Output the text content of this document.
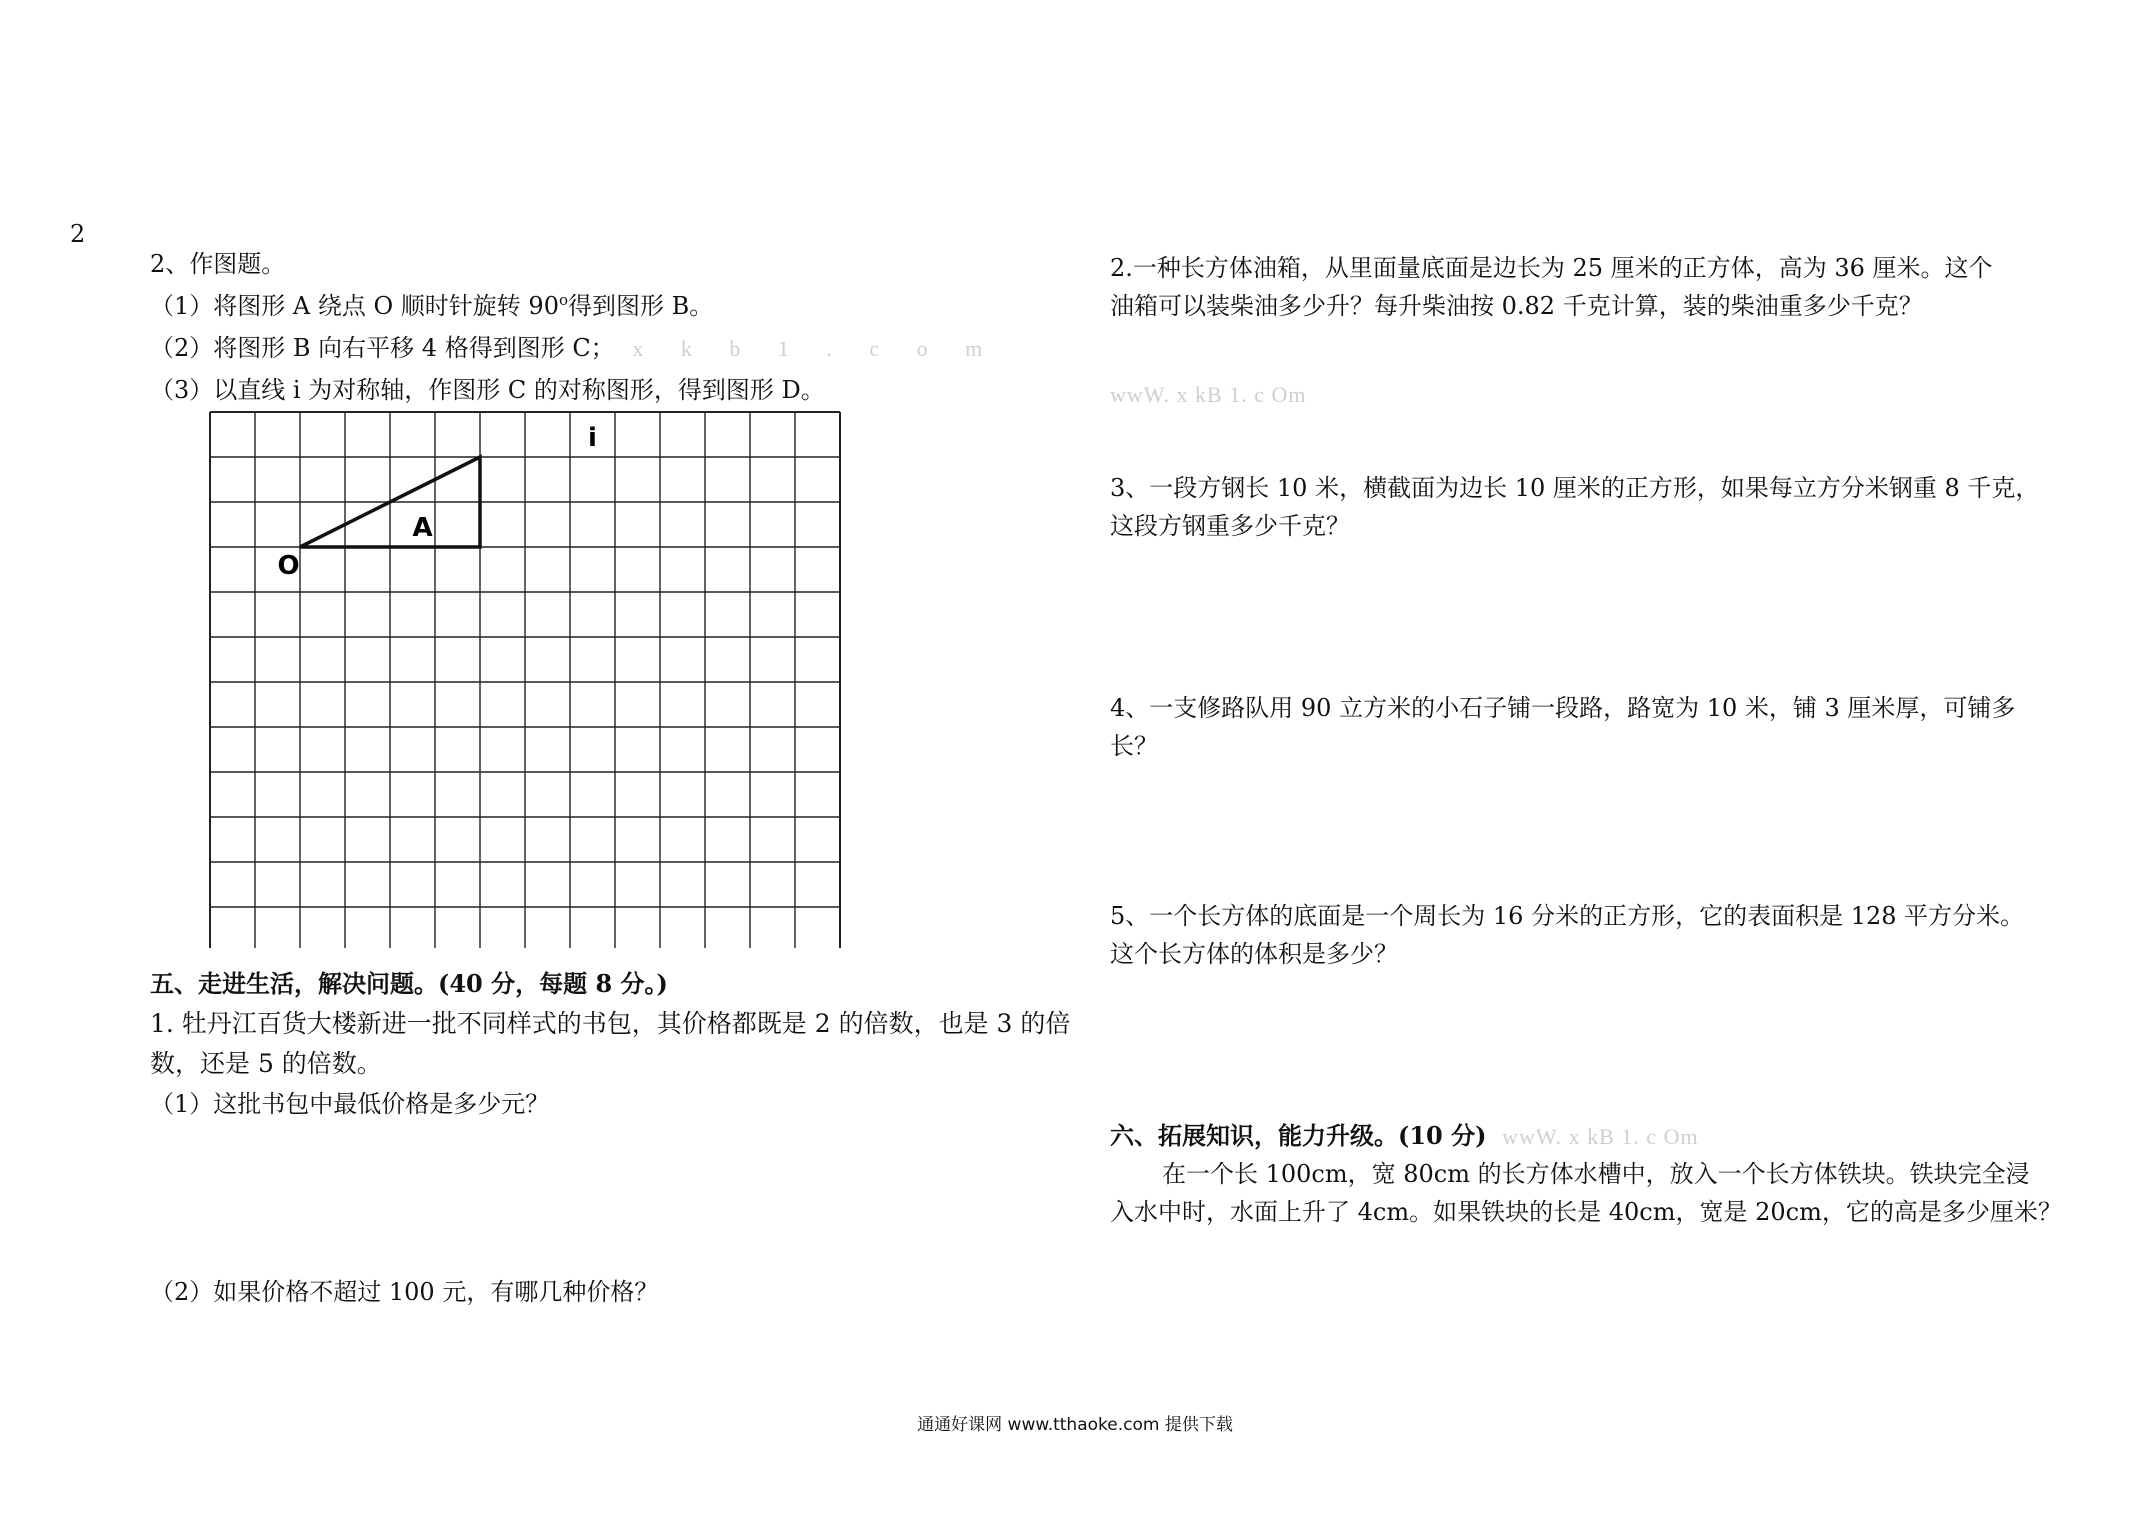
2
2、作图题。
（1）将图形 A 绕点 O 顺时针旋转 90$^o$得到图形 B。
（2）将图形 B 向右平移 4 格得到图形 C； x k b 1 . c o m
（3）以直线 i 为对称轴，作图形 C 的对称图形，得到图形 D。
i
A
O
五、走进生活，解决问题。(40 分，每题 8 分。)
1. 牡丹江百货大楼新进一批不同样式的书包，其价格都既是 2 的倍数，也是 3 的倍
数，还是 5 的倍数。
（1）这批书包中最低价格是多少元？
（2）如果价格不超过 100 元，有哪几种价格？
2.一种长方体油箱，从里面量底面是边长为 25 厘米的正方体，高为 36 厘米。这个
油箱可以装柴油多少升？每升柴油按 0.82 千克计算，装的柴油重多少千克？
wwW. x kB 1. c Om
3、一段方钢长 10 米，横截面为边长 10 厘米的正方形，如果每立方分米钢重 8 千克，
这段方钢重多少千克？
4、一支修路队用 90 立方米的小石子铺一段路，路宽为 10 米，铺 3 厘米厚，可铺多
长？
5、一个长方体的底面是一个周长为 16 分米的正方形，它的表面积是 128 平方分米。
这个长方体的体积是多少？
六、拓展知识，能力升级。(10 分) wwW. x kB 1. c Om
在一个长 100cm，宽 80cm 的长方体水槽中，放入一个长方体铁块。铁块完全浸
入水中时，水面上升了 4cm。如果铁块的长是 40cm，宽是 20cm，它的高是多少厘米？
通通好课网 www.tthaoke.com 提供下载
